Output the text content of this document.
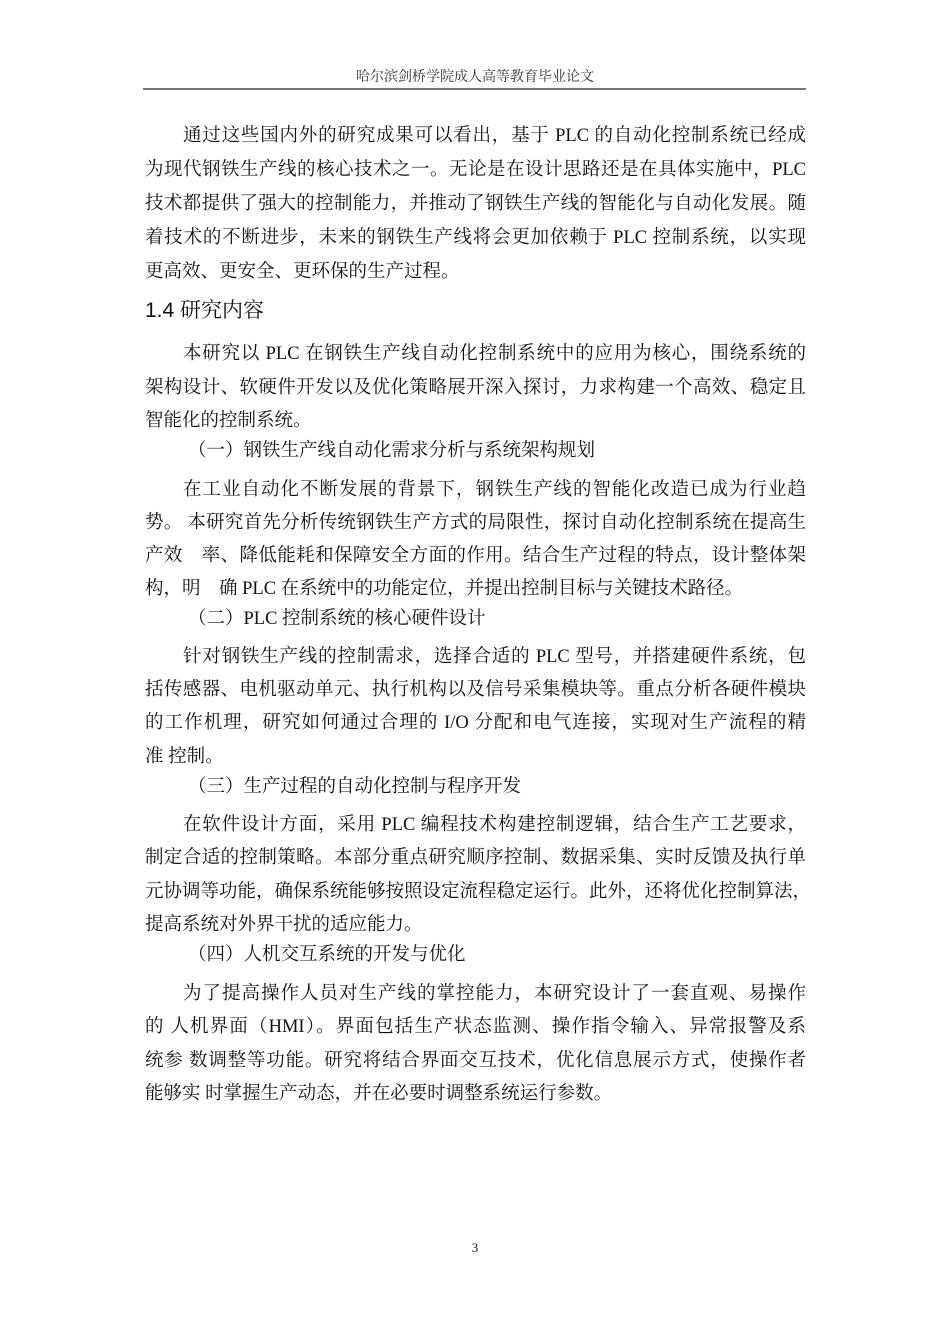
哈尔滨剑桥学院成人高等教育毕业论文
通过这些国内外的研究成果可以看出，基于 PLC 的自动化控制系统已经成
为现代钢铁生产线的核心技术之一。无论是在设计思路还是在具体实施中，PLC
技术都提供了强大的控制能力，并推动了钢铁生产线的智能化与自动化发展。随
着技术的不断进步，未来的钢铁生产线将会更加依赖于 PLC 控制系统，以实现
更高效、更安全、更环保的生产过程。
1.4 研究内容
本研究以 PLC 在钢铁生产线自动化控制系统中的应用为核心，围绕系统的
架构设计、软硬件开发以及优化策略展开深入探讨，力求构建一个高效、稳定且
智能化的控制系统。
（一）钢铁生产线自动化需求分析与系统架构规划
在工业自动化不断发展的背景下，钢铁生产线的智能化改造已成为行业趋
势。 本研究首先分析传统钢铁生产方式的局限性，探讨自动化控制系统在提高生
产效　率、降低能耗和保障安全方面的作用。结合生产过程的特点，设计整体架
构，明　确 PLC 在系统中的功能定位，并提出控制目标与关键技术路径。
（二）PLC 控制系统的核心硬件设计
针对钢铁生产线的控制需求，选择合适的 PLC 型号，并搭建硬件系统，包
括传感器、电机驱动单元、执行机构以及信号采集模块等。重点分析各硬件模块
的工作机理，研究如何通过合理的 I/O 分配和电气连接，实现对生产流程的精
准 控制。
（三）生产过程的自动化控制与程序开发
在软件设计方面，采用 PLC 编程技术构建控制逻辑，结合生产工艺要求，
制定合适的控制策略。本部分重点研究顺序控制、数据采集、实时反馈及执行单
元协调等功能，确保系统能够按照设定流程稳定运行。此外，还将优化控制算法，
提高系统对外界干扰的适应能力。
（四）人机交互系统的开发与优化
为了提高操作人员对生产线的掌控能力，本研究设计了一套直观、易操作
的 人机界面（HMI）。界面包括生产状态监测、操作指令输入、异常报警及系
统参 数调整等功能。研究将结合界面交互技术，优化信息展示方式，使操作者
能够实 时掌握生产动态，并在必要时调整系统运行参数。
3
